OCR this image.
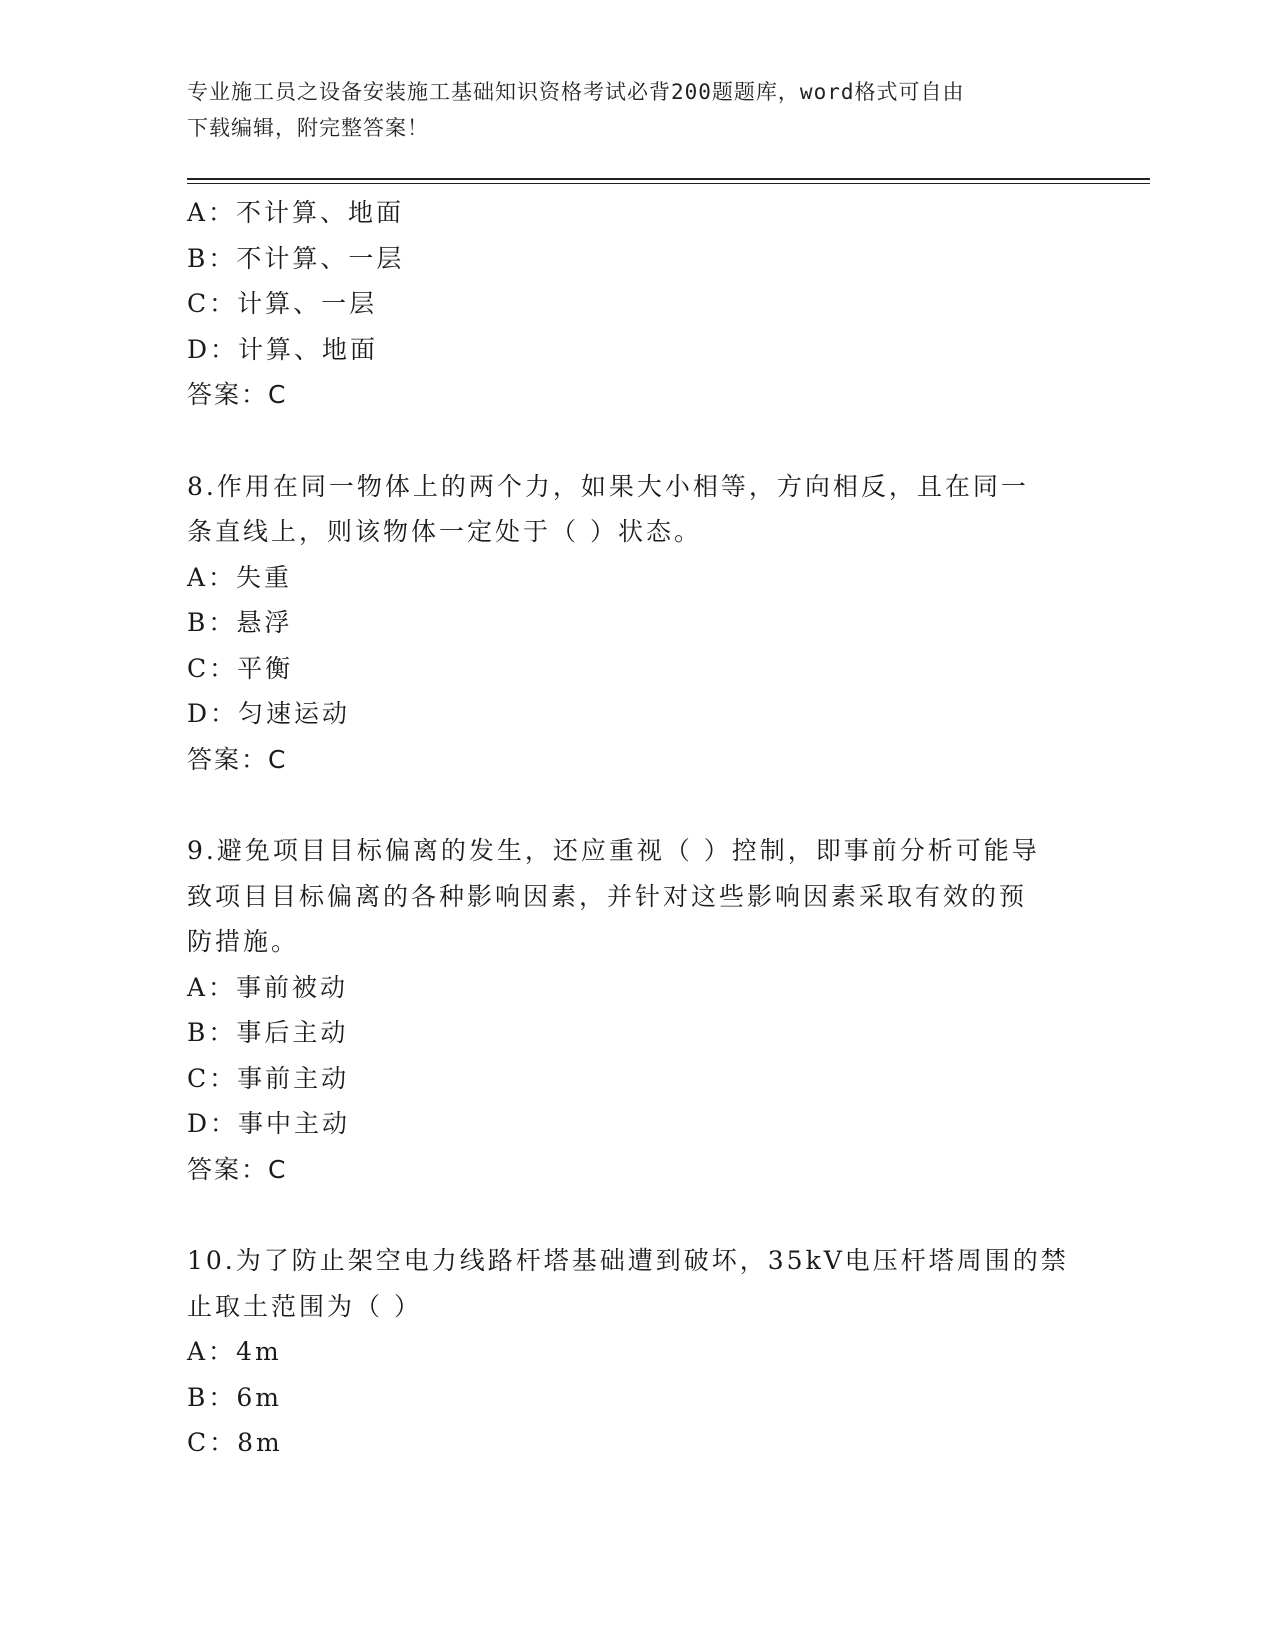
专业施工员之设备安装施工基础知识资格考试必背200题题库，word格式可自由
下载编辑，附完整答案！
A：不计算、地面
B：不计算、一层
C：计算、一层
D：计算、地面
答案：C
8.作用在同一物体上的两个力，如果大小相等，方向相反，且在同一
条直线上，则该物体一定处于（ ）状态。
A：失重
B：悬浮
C：平衡
D：匀速运动
答案：C
9.避免项目目标偏离的发生，还应重视（ ）控制，即事前分析可能导
致项目目标偏离的各种影响因素，并针对这些影响因素采取有效的预
防措施。
A：事前被动
B：事后主动
C：事前主动
D：事中主动
答案：C
10.为了防止架空电力线路杆塔基础遭到破坏，35kV电压杆塔周围的禁
止取土范围为（ ）
A：4m
B：6m
C：8m
